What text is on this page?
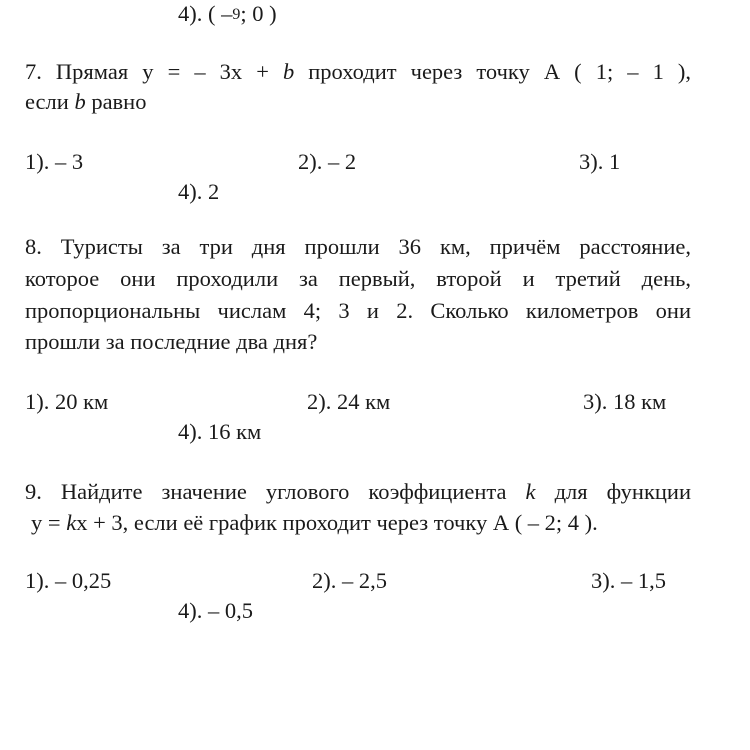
4). ( –9; 0 )
7. Прямая y = – 3x + b проходит через точку А ( 1; – 1 ),
если b равно
1). – 3	2). – 2	3). 1
4). 2
8. Туристы за три дня прошли 36 км, причём расстояние,
которое они проходили за первый, второй и третий день,
пропорциональны числам 4; 3 и 2. Сколько километров они
прошли за последние два дня?
1). 20 км	2). 24 км	3). 18 км
4). 16 км
9. Найдите значение углового коэффициента k для функции
y = kx + 3, если её график проходит через точку А ( – 2; 4 ).
1). – 0,25	2). – 2,5	3). – 1,5
4). – 0,5
